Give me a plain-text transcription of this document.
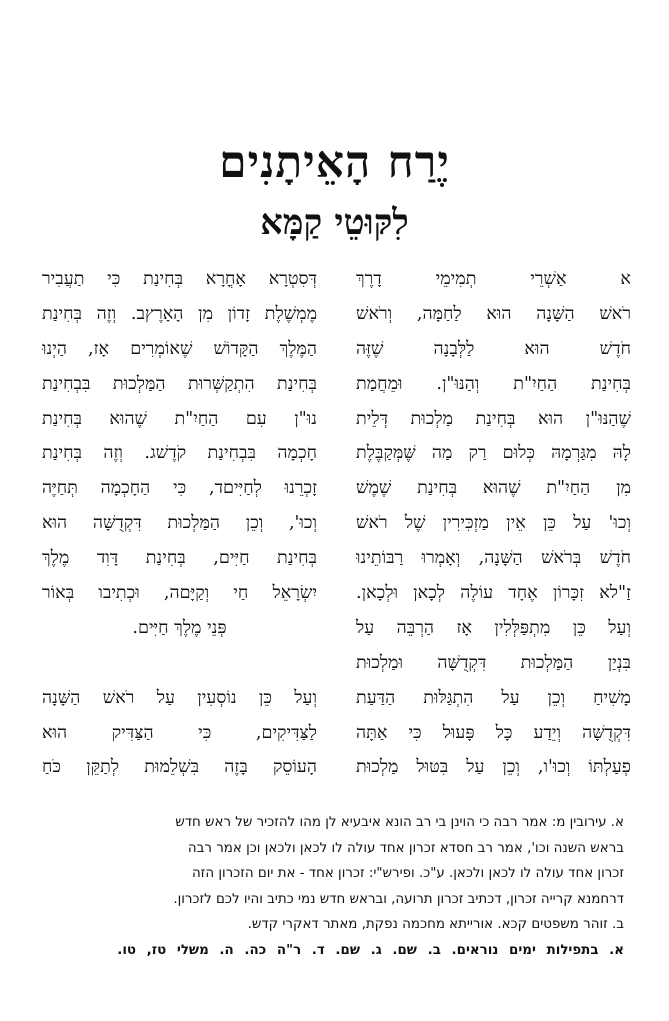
יֶרַח הָאֵיתָנִים
לִקּוּטֵי קַמָּא
א אַשְׁרֵי תְמִימֵי דָרֶךְ
רֹאשׁ הַשָּׁנָה הוּא לַחַמָּה, וְרֹאשׁ
חֹדֶשׁ הוּא לַלְּבָנָה שֶׁזֶּה
בְּחִינַת הַחַיִ"ת וְהַנּוּ"ן. וּמֵחֲמַת
שֶׁהַנּוּ"ן הוּא בְּחִינַת מַלְכוּת דְּלֵית
לָהּ מִגַּרְמָהּ כְּלוּם רַק מַה שֶּׁמְּקַבֶּלֶת
מִן הַחַיִ"ת שֶׁהוּא בְּחִינַת שֶׁמֶשׁ
וְכוּ' עַל כֵּן אֵין מַזְכִּירִין שֶׁל רֹאשׁ
חֹדֶשׁ בְּרֹאשׁ הַשָּׁנָה, וְאָמְרוּ רַבּוֹתֵינוּ
זַ"לא זִכָּרוֹן אֶחָד עוֹלֶה לְכָאן וּלְכָאן.
וְעַל כֵּן מִתְפַּלְּלִין אָז הַרְבֵּה עַל
בִּנְיַן הַמַּלְכוּת דִּקְדֻשָּׁה וּמַלְכוּת
מָשִׁיחַ וְכֵן עַל הִתְגַּלּוּת הַדַּעַת
דִּקְדֻשָּׁה וְיֵדַע כָּל פָּעוּל כִּי אַתָּה
פְעַלְתּוֹ וְכוּ'ו, וְכֵן עַל בִּטּוּל מַלְכוּת
דְּסִטְרָא אָחֳרָא בְּחִינַת כִּי תַעֲבִיר
מֶמְשֶׁלֶת זָדוֹן מִן הָאָרֶץב. וְזֶה בְּחִינַת
הַמֶּלֶךְ הַקָּדוֹשׁ שֶׁאוֹמְרִים אָז, הַיְנוּ
בְּחִינַת הִתְקַשְּׁרוּת הַמַּלְכוּת בִּבְחִינַת
נוּ"ן עִם הַחַיִ"ת שֶׁהוּא בְּחִינַת
חָכְמָה בִּבְחִינַת קֹדֶשׁג. וְזֶה בְּחִינַת
זָכְרֵנוּ לְחַיִּיםד, כִּי הַחָכְמָה תְּחַיֶּה
וְכוּ', וְכֵן הַמַּלְכוּת דִּקְדֻשָּׁה הוּא
בְּחִינַת חַיִּים, בְּחִינַת דָּוִד מֶלֶךְ
יִשְׂרָאֵל חַי וְקַיָּםה, וּכְתִיבו בְּאוֹר
פְּנֵי מֶלֶךְ חַיִּים.
וְעַל כֵּן נוֹסְעִין עַל רֹאשׁ הַשָּׁנָה
לַצַּדִּיקִים, כִּי הַצַּדִּיק הוּא
הָעוֹסֵק בָּזֶה בִּשְׁלֵמוּת לְתַקֵּן כֹּחַ
א. עירובין מ: אמר רבה כי הוינן בי רב הונא איבעיא לן מהו להזכיר של ראש חדש
בראש השנה וכו', אמר רב חסדא זכרון אחד עולה לו לכאן ולכאן וכן אמר רבה
זכרון אחד עולה לו לכאן ולכאן. ע"כ. ופירש"י: זכרון אחד - את יום הזכרון הזה
דרחמנא קרייה זכרון, דכתיב זכרון תרועה, ובראש חדש נמי כתיב והיו לכם לזכרון.
ב. זוהר משפטים קכא. אורייתא מחכמה נפקת, מאתר דאקרי קדש.
א. בתפילות ימים נוראים. ב. שם. ג. שם. ד. ר"ה כה. ה. משלי טז, טו.
